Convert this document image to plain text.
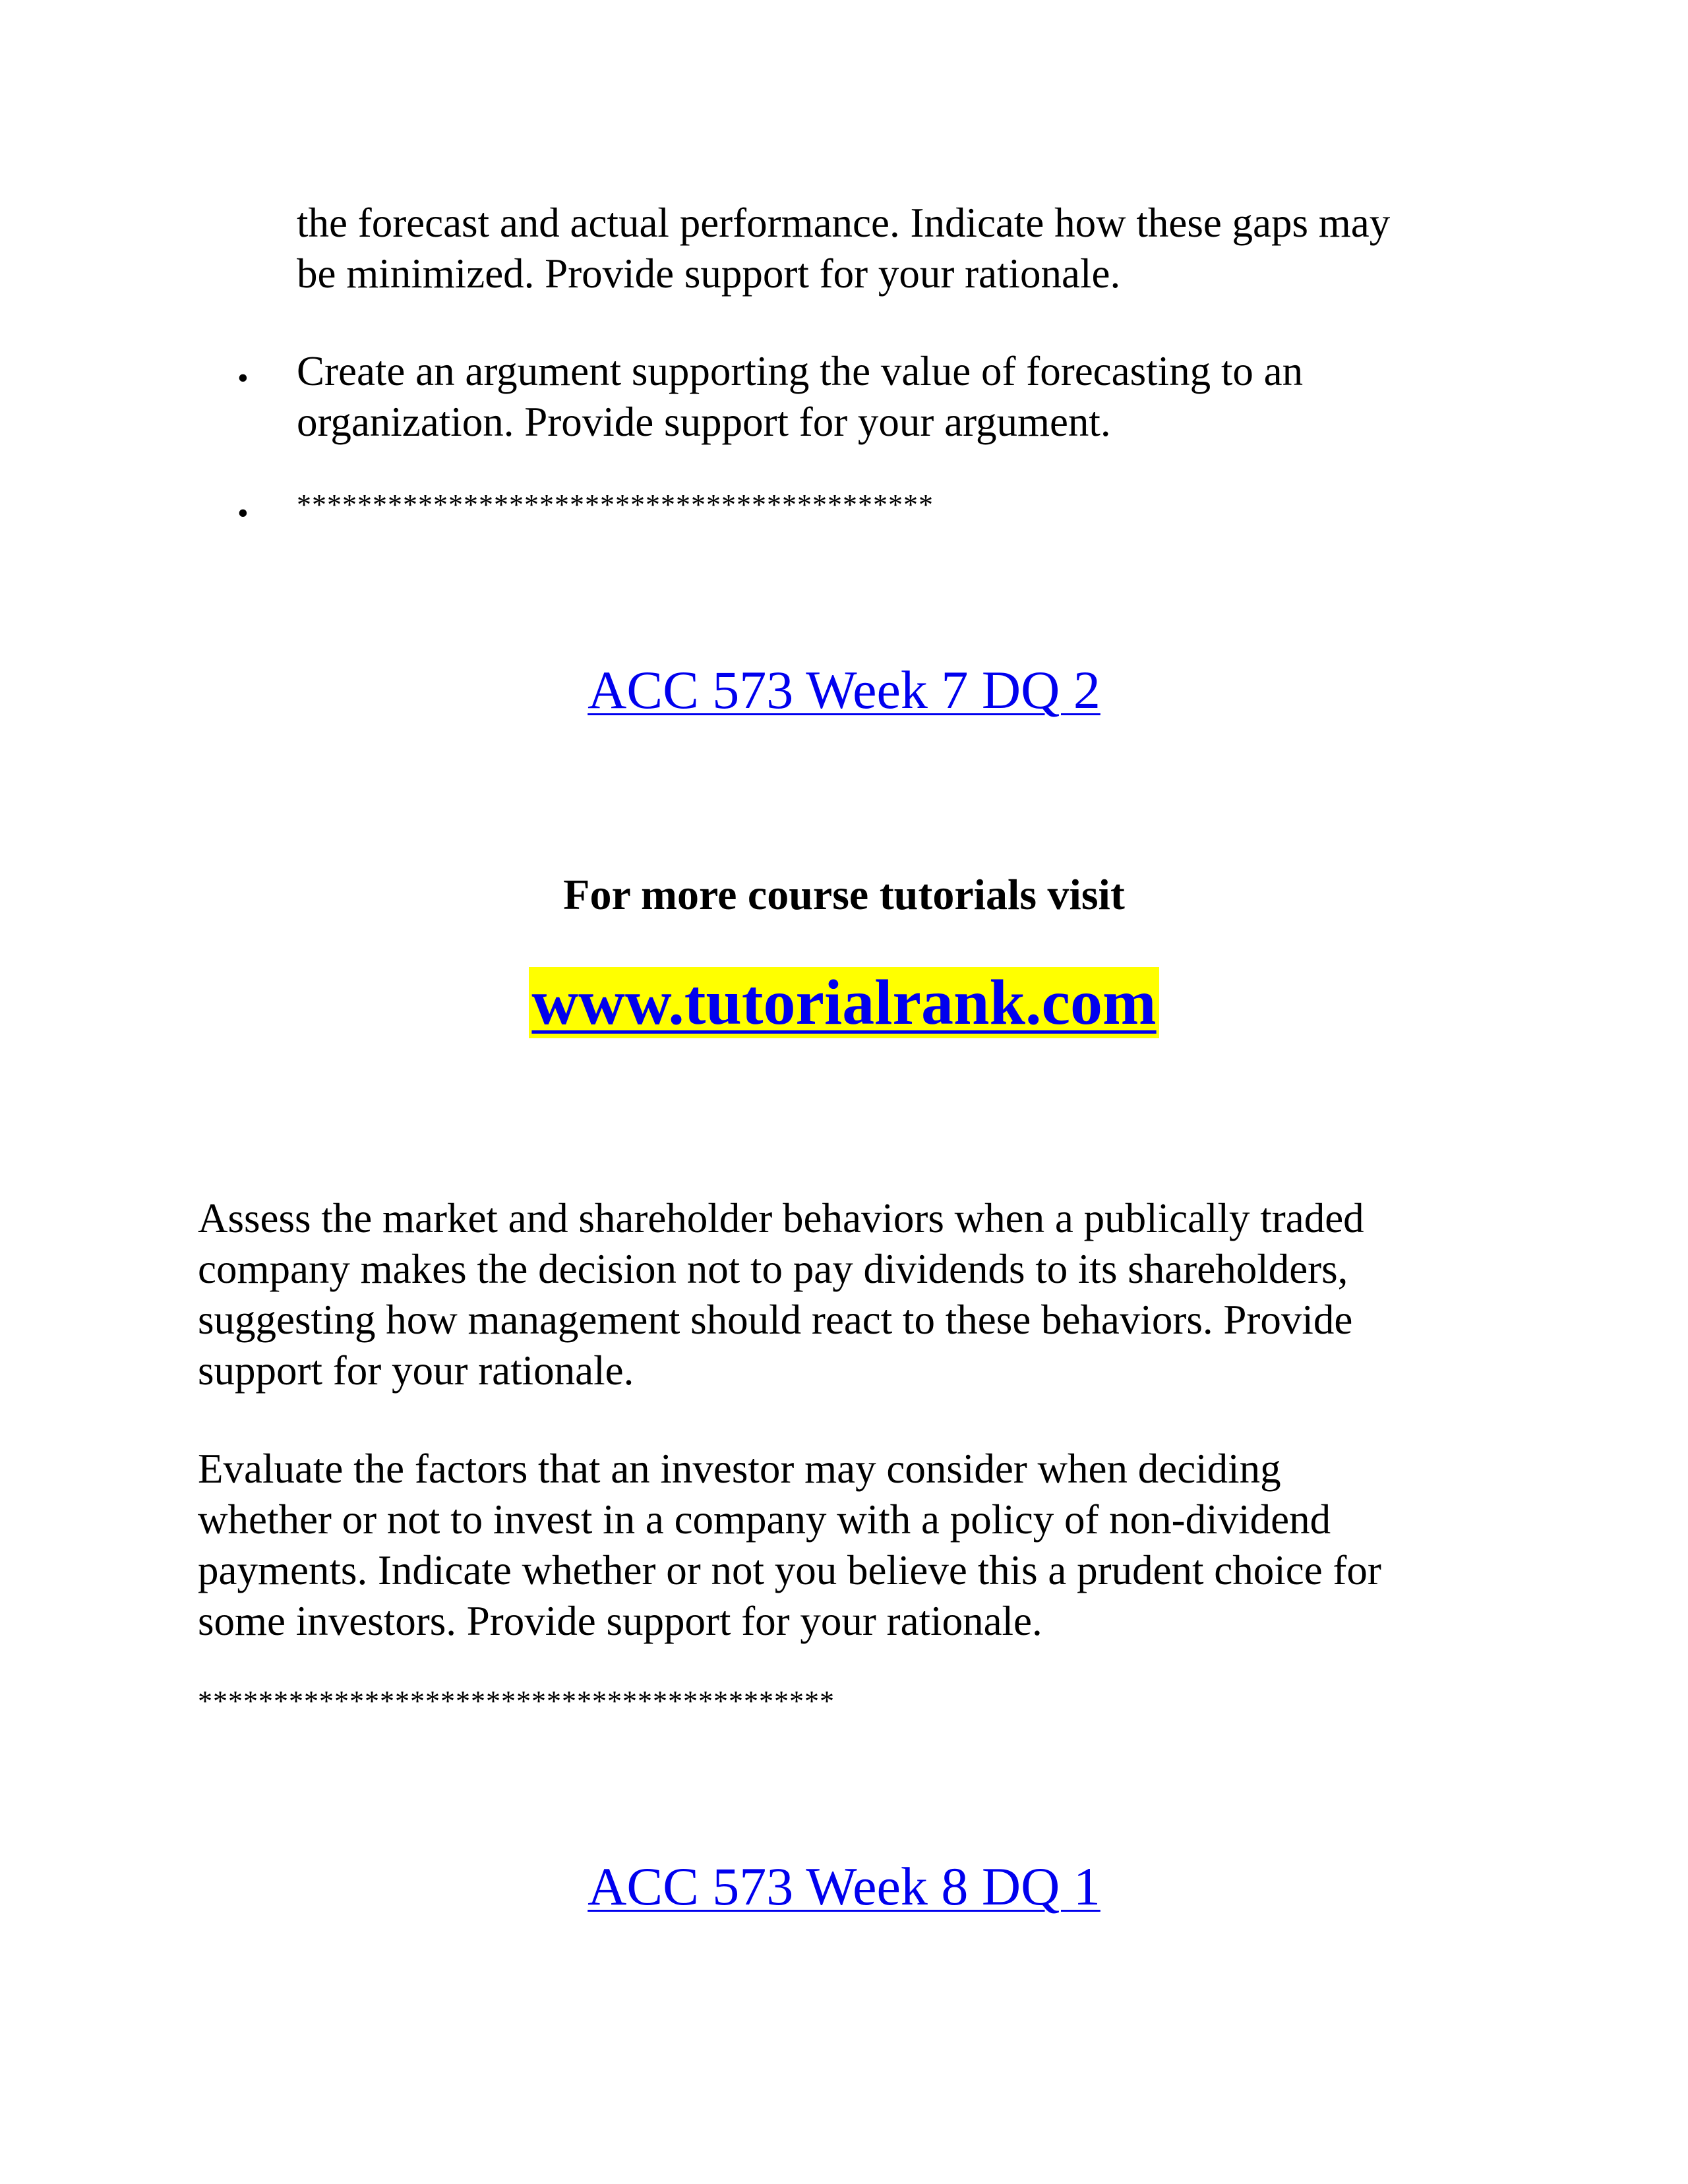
the forecast and actual performance. Indicate how these gaps may
be minimized. Provide support for your rationale.
• Create an argument supporting the value of forecasting to an
organization. Provide support for your argument.
• ******************************************
ACC 573 Week 7 DQ 2
For more course tutorials visit
www.tutorialrank.com
Assess the market and shareholder behaviors when a publically traded
company makes the decision not to pay dividends to its shareholders,
suggesting how management should react to these behaviors. Provide
support for your rationale.
Evaluate the factors that an investor may consider when deciding
whether or not to invest in a company with a policy of non-dividend
payments. Indicate whether or not you believe this a prudent choice for
some investors. Provide support for your rationale.
******************************************
ACC 573 Week 8 DQ 1
